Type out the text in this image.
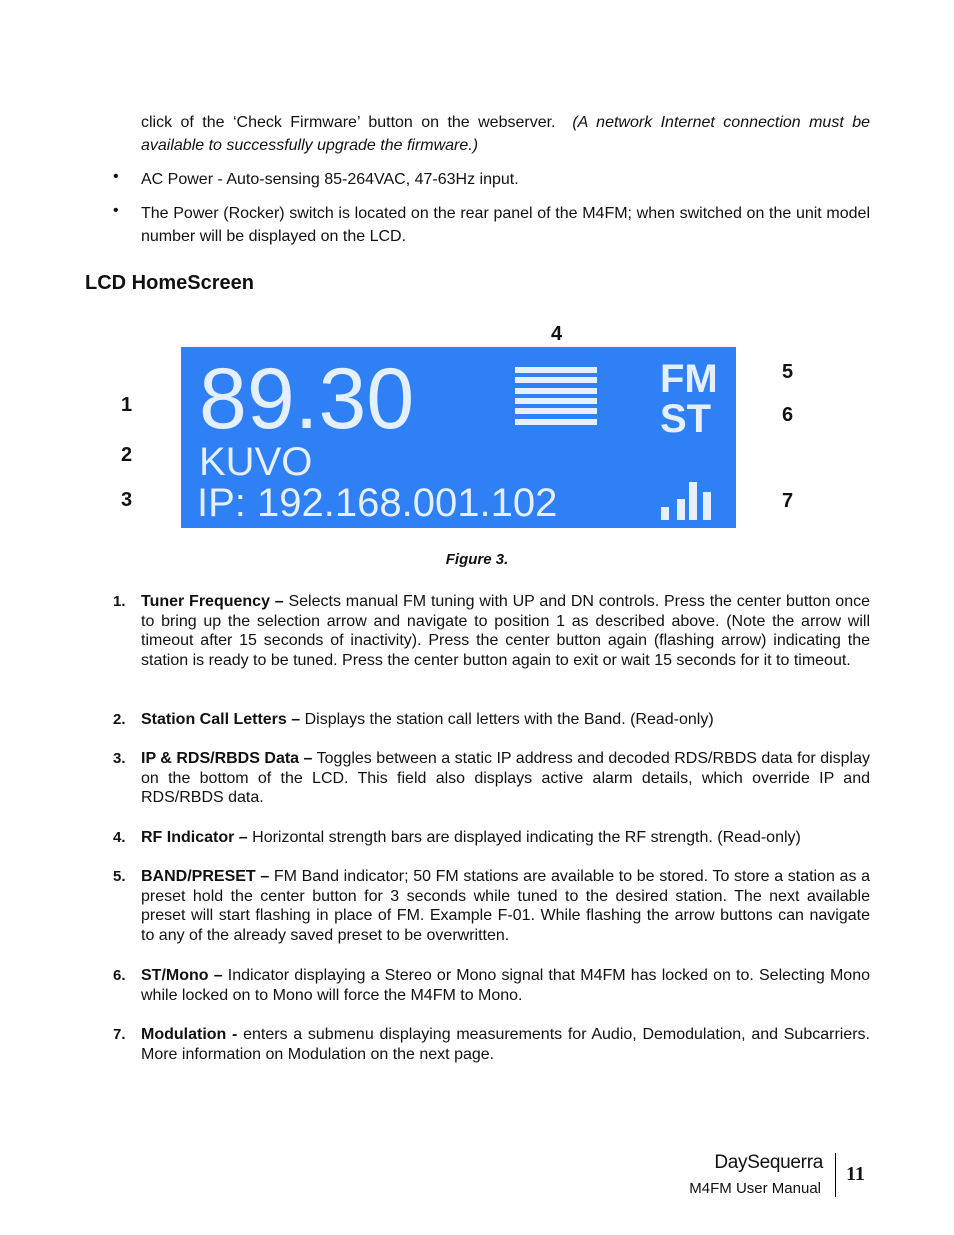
click of the ‘Check Firmware’ button on the webserver. (A network Internet connection must be available to successfully upgrade the firmware.)
• AC Power - Auto-sensing 85-264VAC, 47-63Hz input.
• The Power (Rocker) switch is located on the rear panel of the M4FM; when switched on the unit model number will be displayed on the LCD.
LCD HomeScreen
4
1
2
3
5
6
7
89.30
KUVO
IP: 192.168.001.102
FM
ST
Figure 3.
1. Tuner Frequency – Selects manual FM tuning with UP and DN controls. Press the center button once to bring up the selection arrow and navigate to position 1 as described above. (Note the arrow will timeout after 15 seconds of inactivity). Press the center button again (flashing arrow) indicating the station is ready to be tuned. Press the center button again to exit or wait 15 seconds for it to timeout.

2. Station Call Letters – Displays the station call letters with the Band. (Read-only)

3. IP & RDS/RBDS Data – Toggles between a static IP address and decoded RDS/RBDS data for display on the bottom of the LCD. This field also displays active alarm details, which override IP and RDS/RBDS data.

4. RF Indicator – Horizontal strength bars are displayed indicating the RF strength. (Read-only)

5. BAND/PRESET – FM Band indicator; 50 FM stations are available to be stored. To store a station as a preset hold the center button for 3 seconds while tuned to the desired station. The next available preset will start flashing in place of FM. Example F-01. While flashing the arrow buttons can navigate to any of the already saved preset to be overwritten.

6. ST/Mono – Indicator displaying a Stereo or Mono signal that M4FM has locked on to. Selecting Mono while locked on to Mono will force the M4FM to Mono.

7. Modulation - enters a submenu displaying measurements for Audio, Demodulation, and Subcarriers. More information on Modulation on the next page.

DaySequerra
M4FM User Manual
11
